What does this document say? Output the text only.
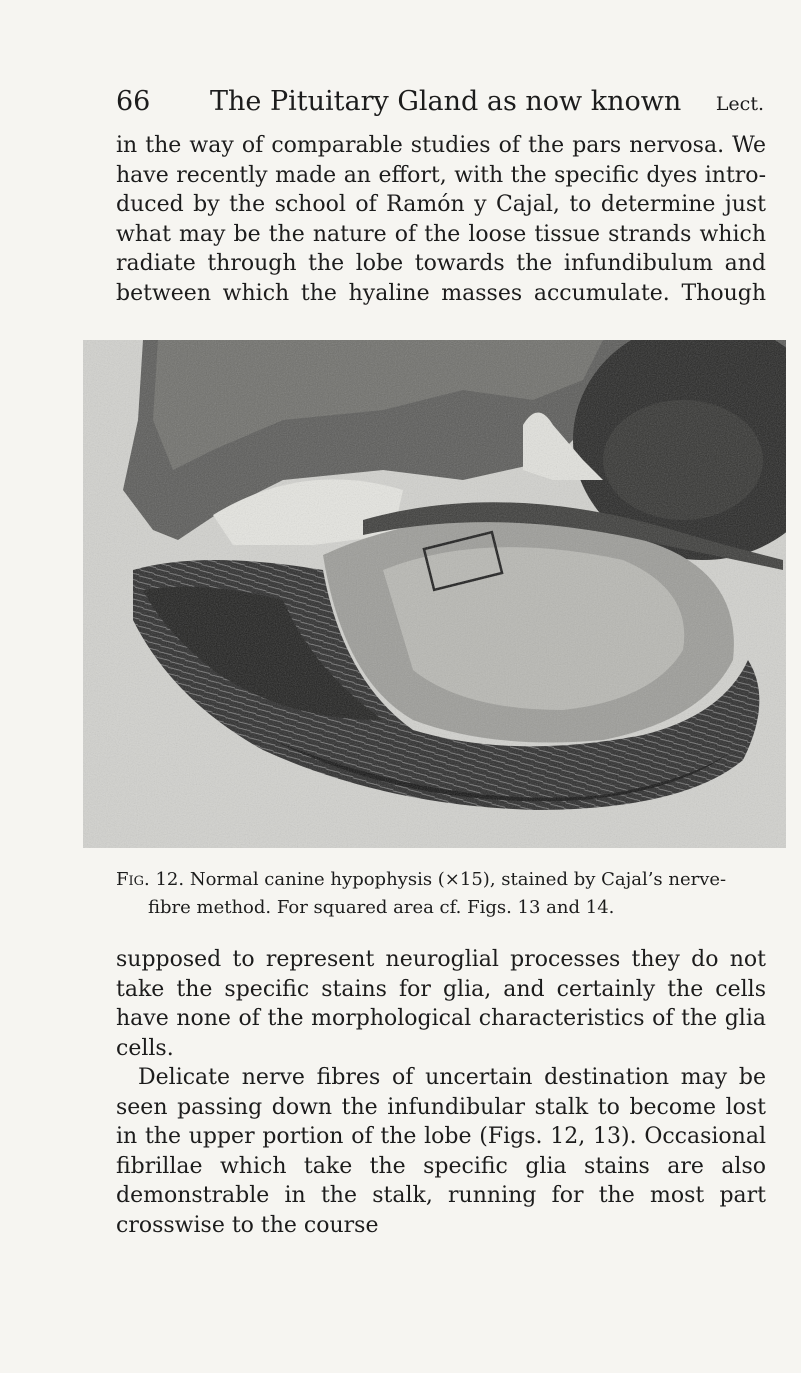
66 The Pituitary Gland as now known Lect.

in the way of comparable studies of the pars nervosa. We have recently made an effort, with the specific dyes introduced by the school of Ramón y Cajal, to determine just what may be the nature of the loose tissue strands which radiate through the lobe towards the infundibulum and between which the hyaline masses accumulate. Though

Fig. 12. Normal canine hypophysis (×15), stained by Cajal’s nerve-
fibre method. For squared area cf. Figs. 13 and 14.

supposed to represent neuroglial processes they do not take the specific stains for glia, and certainly the cells have none of the morphological characteristics of the glia cells.

Delicate nerve fibres of uncertain destination may be seen passing down the infundibular stalk to become lost in the upper portion of the lobe (Figs. 12, 13). Occasional fibrillae which take the specific glia stains are also demonstrable in the stalk, running for the most part crosswise to the course
